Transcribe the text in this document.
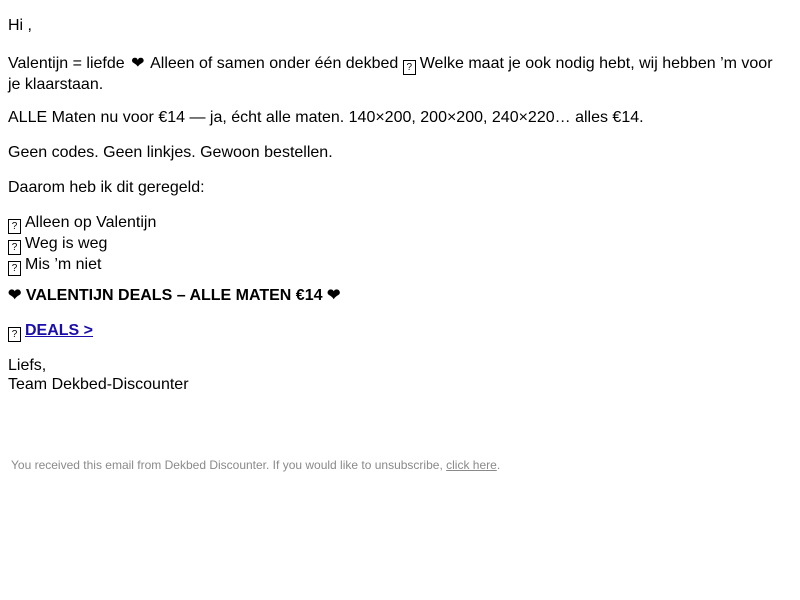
Hi ,

Valentijn = liefde ❤ Alleen of samen onder één dekbed ? Welke maat je ook nodig hebt, wij hebben ’m voor je klaarstaan.

ALLE Maten nu voor €14 — ja, écht alle maten. 140×200, 200×200, 240×220… alles €14.

Geen codes. Geen linkjes. Gewoon bestellen.

Daarom heb ik dit geregeld:

? Alleen op Valentijn
? Weg is weg
? Mis ’m niet

❤ VALENTIJN DEALS – ALLE MATEN €14 ❤

? DEALS >

Liefs,
Team Dekbed-Discounter
You received this email from Dekbed Discounter. If you would like to unsubscribe, click here.
